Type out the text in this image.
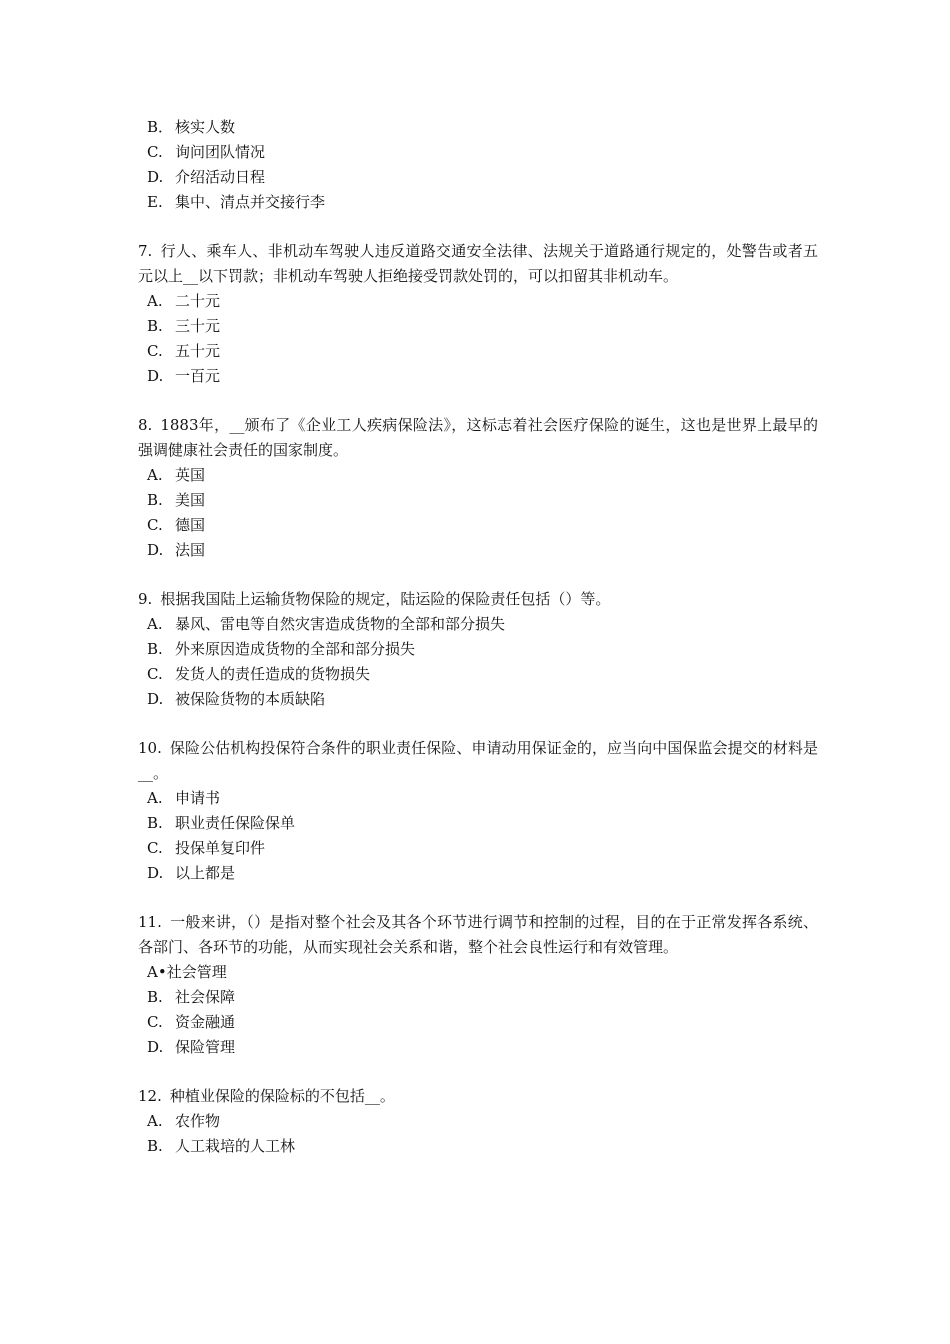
B． 核实人数
C. 询问团队情况
D. 介绍活动日程
E. 集中、清点并交接行李
7. 行人、乘车人、非机动车驾驶人违反道路交通安全法律、法规关于道路通行规定的，处警告或者五元以上__以下罚款；非机动车驾驶人拒绝接受罚款处罚的，可以扣留其非机动车。
A. 二十元
B. 三十元
C. 五十元
D. 一百元
8. 1883年，__颁布了《企业工人疾病保险法》，这标志着社会医疗保险的诞生，这也是世界上最早的强调健康社会责任的国家制度。
A. 英国
B. 美国
C. 德国
D. 法国
9. 根据我国陆上运输货物保险的规定，陆运险的保险责任包括（）等。
A. 暴风、雷电等自然灾害造成货物的全部和部分损失
B. 外来原因造成货物的全部和部分损失
C. 发货人的责任造成的货物损失
D. 被保险货物的本质缺陷
10. 保险公估机构投保符合条件的职业责任保险、申请动用保证金的，应当向中国保监会提交的材料是__。
A. 申请书
B. 职业责任保险保单
C. 投保单复印件
D. 以上都是
11. 一般来讲，（）是指对整个社会及其各个环节进行调节和控制的过程，目的在于正常发挥各系统、各部门、各环节的功能，从而实现社会关系和谐，整个社会良性运行和有效管理。
A•社会管理
B. 社会保障
C. 资金融通
D. 保险管理
12. 种植业保险的保险标的不包括__。
A. 农作物
B. 人工栽培的人工林
